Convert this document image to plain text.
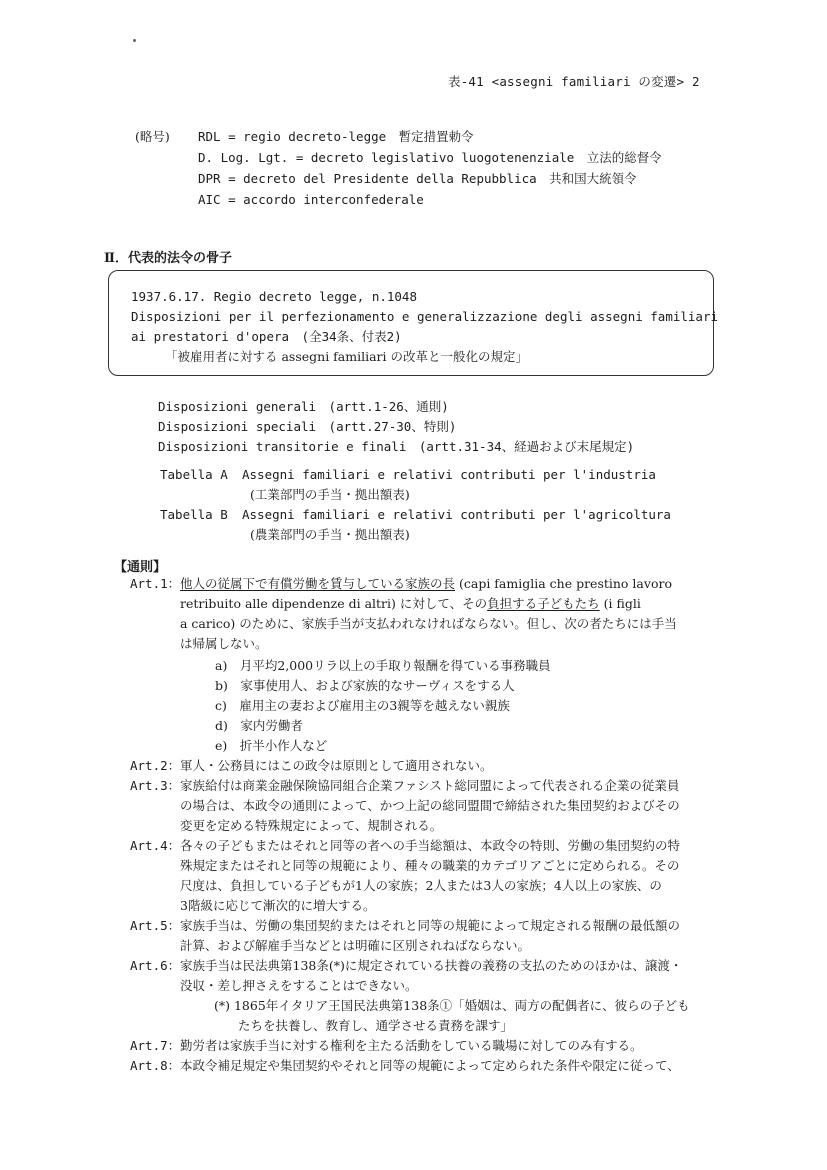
表-41 <assegni familiari の変遷> 2
(略号) RDL = regio decreto-legge　暫定措置勅令
D. Log. Lgt. = decreto legislativo luogotenenziale　立法的総督令
DPR = decreto del Presidente della Repubblica　共和国大統領令
AIC = accordo interconfederale
Ⅱ．代表的法令の骨子
1937.6.17. Regio decreto legge, n.1048
Disposizioni per il perfezionamento e generalizzazione degli assegni familiari
ai prestatori d'opera　(全34条、付表2)
「被雇用者に対する assegni familiari の改革と一般化の規定」
Disposizioni generali　(artt.1-26、通則)
Disposizioni speciali　(artt.27-30、特則)
Disposizioni transitorie e finali　(artt.31-34、経過および末尾規定)
Tabella A Assegni familiari e relativi contributi per l'industria
(工業部門の手当・拠出額表)
Tabella B Assegni familiari e relativi contributi per l'agricoltura
(農業部門の手当・拠出額表)
【通則】
Art.1：他人の従属下で有償労働を賃与している家族の長 (capi famiglia che prestino lavoro
retribuito alle dipendenze di altri) に対して、その負担する子どもたち (i figli
a carico) のために、家族手当が支払われなければならない。但し、次の者たちには手当
は帰属しない。
a)　月平均2,000リラ以上の手取り報酬を得ている事務職員
b)　家事使用人、および家族的なサーヴィスをする人
c)　雇用主の妻および雇用主の3親等を越えない親族
d)　家内労働者
e)　折半小作人など
Art.2：軍人・公務員にはこの政令は原則として適用されない。
Art.3：家族給付は商業金融保険協同組合企業ファシスト総同盟によって代表される企業の従業員
の場合は、本政令の通則によって、かつ上記の総同盟間で締結された集団契約およびその
変更を定める特殊規定によって、規制される。
Art.4：各々の子どもまたはそれと同等の者への手当総額は、本政令の特則、労働の集団契約の特
殊規定またはそれと同等の規範により、種々の職業的カテゴリアごとに定められる。その
尺度は、負担している子どもが1人の家族；2人または3人の家族；4人以上の家族、の
3階級に応じて漸次的に増大する。
Art.5：家族手当は、労働の集団契約またはそれと同等の規範によって規定される報酬の最低額の
計算、および解雇手当などとは明確に区別されねばならない。
Art.6：家族手当は民法典第138条(*)に規定されている扶養の義務の支払のためのほかは、譲渡・
没収・差し押さえをすることはできない。
(*) 1865年イタリア王国民法典第138条①「婚姻は、両方の配偶者に、彼らの子ども
たちを扶養し、教育し、通学させる責務を課す」
Art.7：勤労者は家族手当に対する権利を主たる活動をしている職場に対してのみ有する。
Art.8：本政令補足規定や集団契約やそれと同等の規範によって定められた条件や限定に従って、
